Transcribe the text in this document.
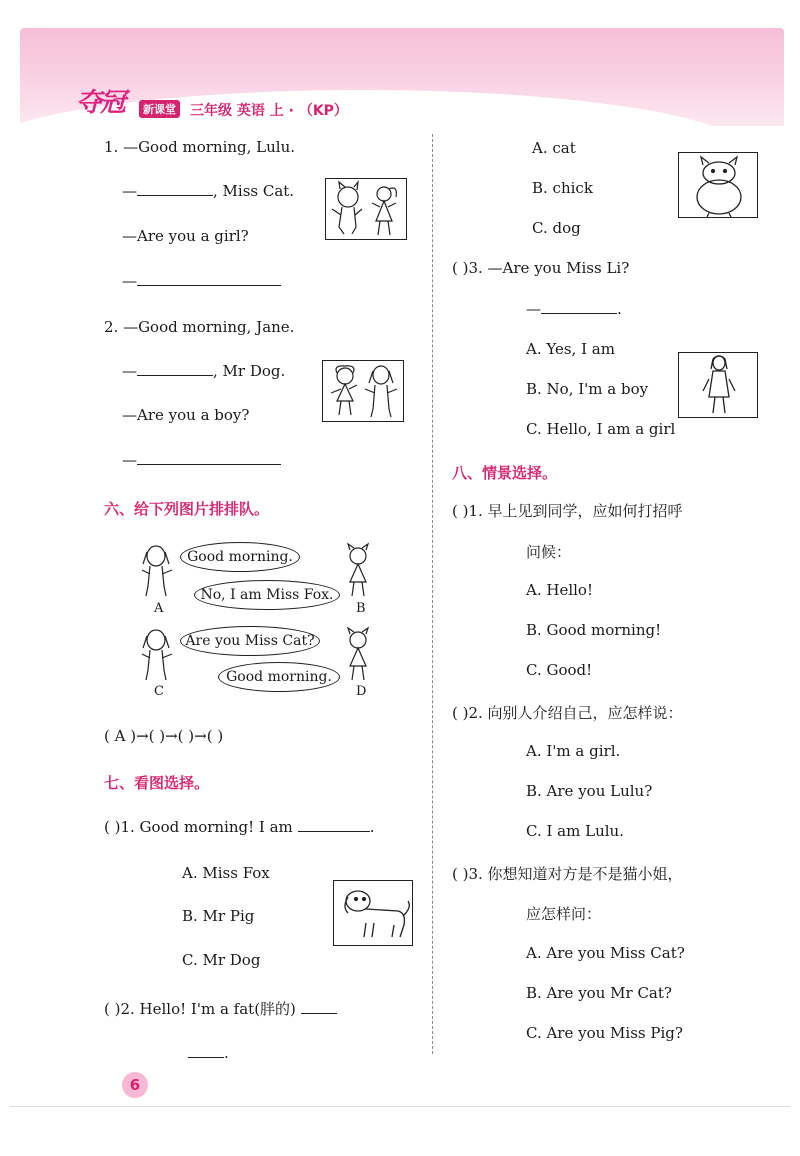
夺冠	新课堂 三年级 英语 上 · （KP）
1. —Good morning, Lulu.
—	, Miss Cat.
—Are you a girl?
—
2. —Good morning, Jane.
—	, Mr Dog.
—Are you a boy?
—
六、给下列图片排排队。
Good morning.
No, I am Miss Fox.
A	B
Are you Miss Cat?
Good morning.
C	D
( A )→( )→( )→( )
七、看图选择。
( )1. Good morning! I am	.
A. Miss Fox
B. Mr Pig
C. Mr Dog
( )2. Hello! I'm a fat(胖的)
.
A. cat
B. chick
C. dog
( )3. —Are you Miss Li?
—	.
A. Yes, I am
B. No, I'm a boy
C. Hello, I am a girl
八、情景选择。
( )1. 早上见到同学，应如何打招呼
问候：
A. Hello!
B. Good morning!
C. Good!
( )2. 向别人介绍自己，应怎样说：
A. I'm a girl.
B. Are you Lulu?
C. I am Lulu.
( )3. 你想知道对方是不是猫小姐，
应怎样问：
A. Are you Miss Cat?
B. Are you Mr Cat?
C. Are you Miss Pig?
6
